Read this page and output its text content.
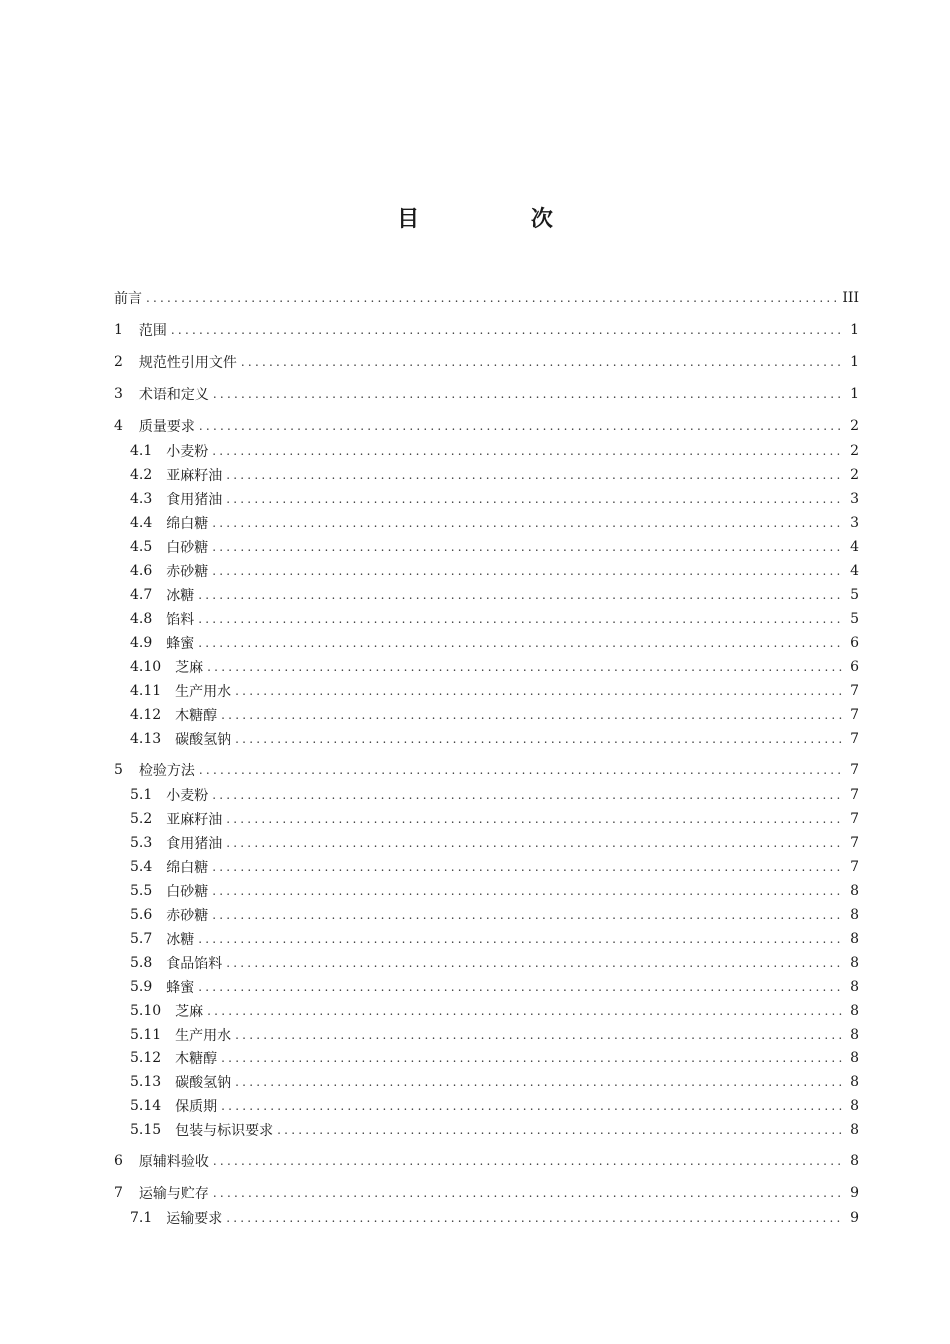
目 次
前言 .....	III
1 范围 .....	1
2 规范性引用文件 .....	1
3 术语和定义 .....	1
4 质量要求 .....	2
4.1 小麦粉 .....	2
4.2 亚麻籽油 .....	2
4.3 食用猪油 .....	3
4.4 绵白糖 .....	3
4.5 白砂糖 .....	4
4.6 赤砂糖 .....	4
4.7 冰糖 .....	5
4.8 馅料 .....	5
4.9 蜂蜜 .....	6
4.10 芝麻 .....	6
4.11 生产用水 .....	7
4.12 木糖醇 .....	7
4.13 碳酸氢钠 .....	7
5 检验方法 .....	7
5.1 小麦粉 .....	7
5.2 亚麻籽油 .....	7
5.3 食用猪油 .....	7
5.4 绵白糖 .....	7
5.5 白砂糖 .....	8
5.6 赤砂糖 .....	8
5.7 冰糖 .....	8
5.8 食品馅料 .....	8
5.9 蜂蜜 .....	8
5.10 芝麻 .....	8
5.11 生产用水 .....	8
5.12 木糖醇 .....	8
5.13 碳酸氢钠 .....	8
5.14 保质期 .....	8
5.15 包装与标识要求 .....	8
6 原辅料验收 .....	8
7 运输与贮存 .....	9
7.1 运输要求 .....	9
